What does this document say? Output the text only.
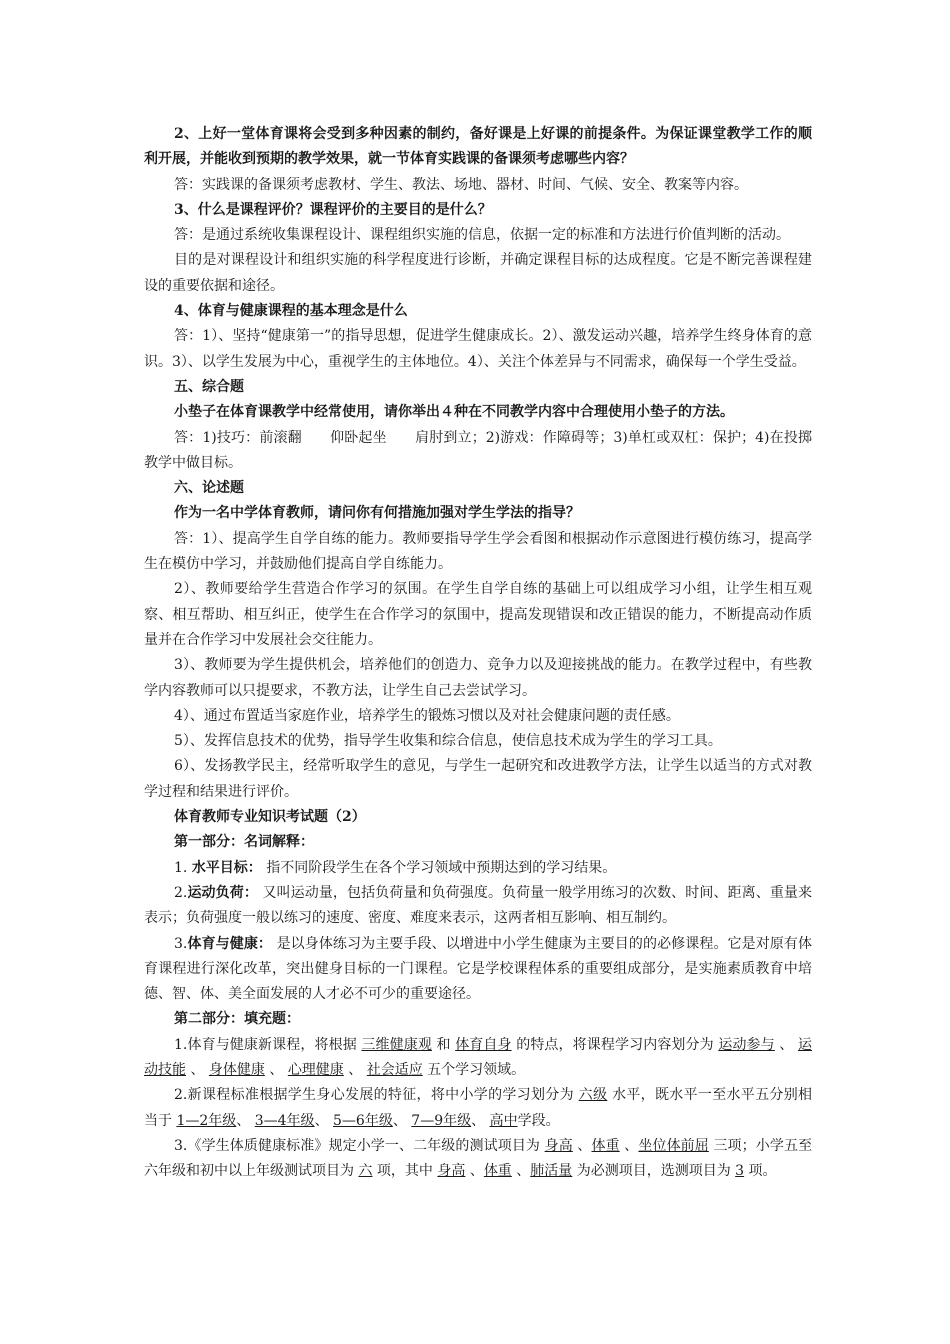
2、上好一堂体育课将会受到多种因素的制约，备好课是上好课的前提条件。为保证课堂教学工作的顺利开展，并能收到预期的教学效果，就一节体育实践课的备课须考虑哪些内容？

答：实践课的备课须考虑教材、学生、教法、场地、器材、时间、气候、安全、教案等内容。

3、什么是课程评价？课程评价的主要目的是什么？

答：是通过系统收集课程设计、课程组织实施的信息，依据一定的标准和方法进行价值判断的活动。

目的是对课程设计和组织实施的科学程度进行诊断，并确定课程目标的达成程度。它是不断完善课程建设的重要依据和途径。

4、体育与健康课程的基本理念是什么

答：1）、坚持“健康第一”的指导思想，促进学生健康成长。2）、激发运动兴趣，培养学生终身体育的意识。3）、以学生发展为中心，重视学生的主体地位。4）、关注个体差异与不同需求，确保每一个学生受益。

五、综合题

小垫子在体育课教学中经常使用，请你举出４种在不同教学内容中合理使用小垫子的方法。

答：1)技巧：前滚翻　　仰卧起坐　　肩肘到立；2)游戏：作障碍等；3)单杠或双杠：保护；4)在投掷教学中做目标。

六、论述题

作为一名中学体育教师，请问你有何措施加强对学生学法的指导？

答：1）、提高学生自学自练的能力。教师要指导学生学会看图和根据动作示意图进行模仿练习，提高学生在模仿中学习，并鼓励他们提高自学自练能力。

2）、教师要给学生营造合作学习的氛围。在学生自学自练的基础上可以组成学习小组，让学生相互观察、相互帮助、相互纠正，使学生在合作学习的氛围中，提高发现错误和改正错误的能力，不断提高动作质量并在合作学习中发展社会交往能力。

3）、教师要为学生提供机会，培养他们的创造力、竞争力以及迎接挑战的能力。在教学过程中，有些教学内容教师可以只提要求，不教方法，让学生自己去尝试学习。

4）、通过布置适当家庭作业，培养学生的锻炼习惯以及对社会健康问题的责任感。

5）、发挥信息技术的优势，指导学生收集和综合信息，使信息技术成为学生的学习工具。

6）、发扬教学民主，经常听取学生的意见，与学生一起研究和改进教学方法，让学生以适当的方式对教学过程和结果进行评价。

体育教师专业知识考试题（2）

第一部分：名词解释：

1. 水平目标： 指不同阶段学生在各个学习领域中预期达到的学习结果。

2.运动负荷： 又叫运动量，包括负荷量和负荷强度。负荷量一般学用练习的次数、时间、距离、重量来表示；负荷强度一般以练习的速度、密度、难度来表示，这两者相互影响、相互制约。

3.体育与健康： 是以身体练习为主要手段、以增进中小学生健康为主要目的的必修课程。它是对原有体育课程进行深化改革，突出健身目标的一门课程。它是学校课程体系的重要组成部分，是实施素质教育中培德、智、体、美全面发展的人才必不可少的重要途径。

第二部分：填充题：

1.体育与健康新课程，将根据 三维健康观 和 体育自身 的特点，将课程学习内容划分为 运动参与 、 运动技能 、 身体健康 、 心理健康 、 社会适应 五个学习领域。

2.新课程标准根据学生身心发展的特征，将中小学的学习划分为 六级 水平，既水平一至水平五分别相当于 1—2年级、 3—4年级、 5—6年级、 7—9年级、 高中学段。

3.《学生体质健康标准》规定小学一、二年级的测试项目为 身高 、体重 、坐位体前屈 三项；小学五至六年级和初中以上年级测试项目为 六 项，其中 身高 、体重 、肺活量 为必测项目，选测项目为 3 项。
